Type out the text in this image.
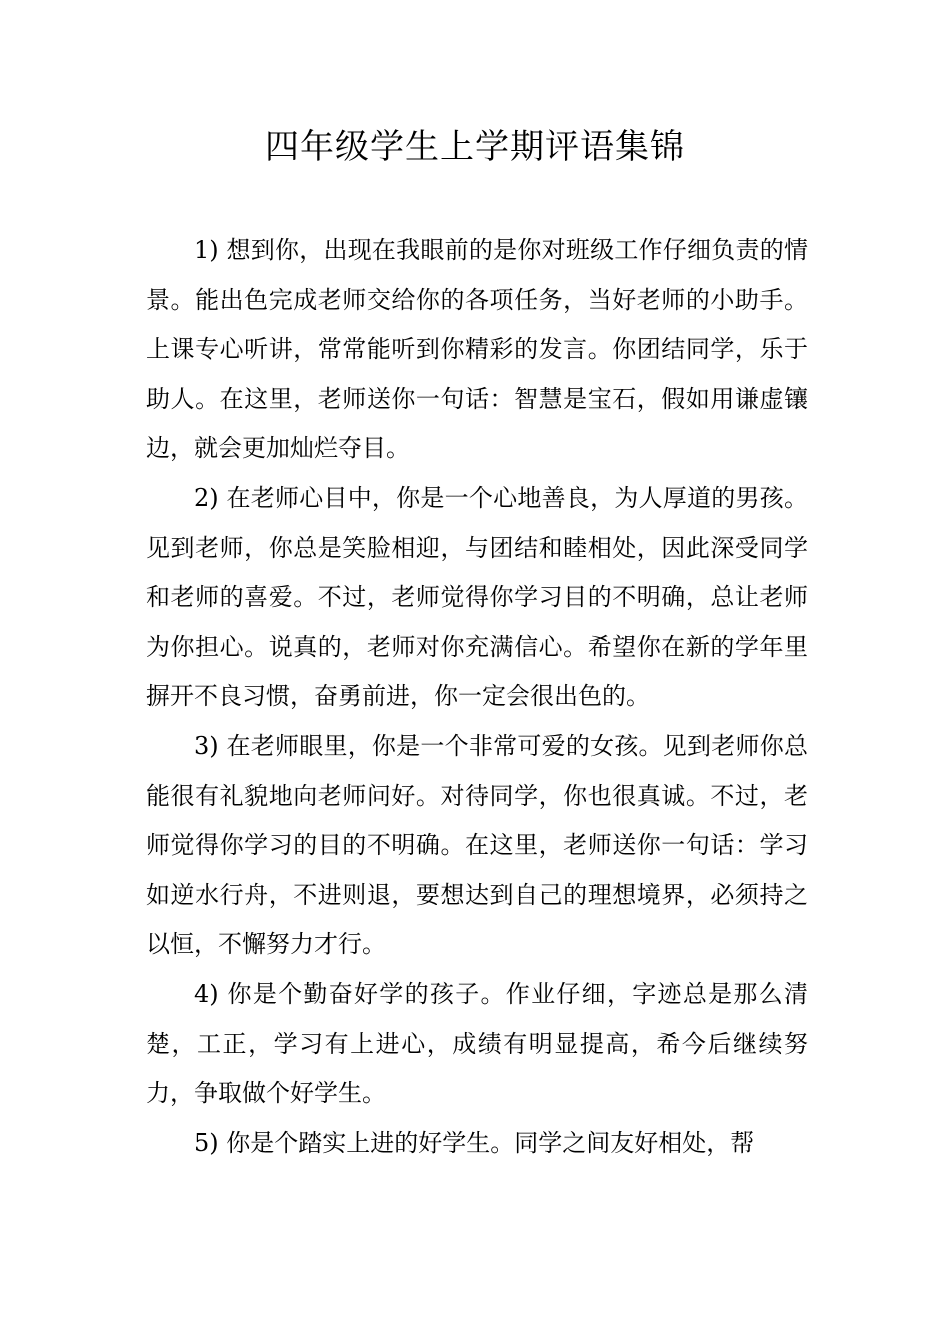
四年级学生上学期评语集锦

1) 想到你，出现在我眼前的是你对班级工作仔细负责的情景。能出色完成老师交给你的各项任务，当好老师的小助手。上课专心听讲，常常能听到你精彩的发言。你团结同学，乐于助人。在这里，老师送你一句话：智慧是宝石，假如用谦虚镶边，就会更加灿烂夺目。

2) 在老师心目中，你是一个心地善良，为人厚道的男孩。见到老师，你总是笑脸相迎，与团结和睦相处，因此深受同学和老师的喜爱。不过，老师觉得你学习目的不明确，总让老师为你担心。说真的，老师对你充满信心。希望你在新的学年里摒开不良习惯，奋勇前进，你一定会很出色的。

3) 在老师眼里，你是一个非常可爱的女孩。见到老师你总能很有礼貌地向老师问好。对待同学，你也很真诚。不过，老师觉得你学习的目的不明确。在这里，老师送你一句话：学习如逆水行舟，不进则退，要想达到自己的理想境界，必须持之以恒，不懈努力才行。

4) 你是个勤奋好学的孩子。作业仔细，字迹总是那么清楚，工正，学习有上进心，成绩有明显提高，希今后继续努力，争取做个好学生。

5) 你是个踏实上进的好学生。同学之间友好相处，帮
